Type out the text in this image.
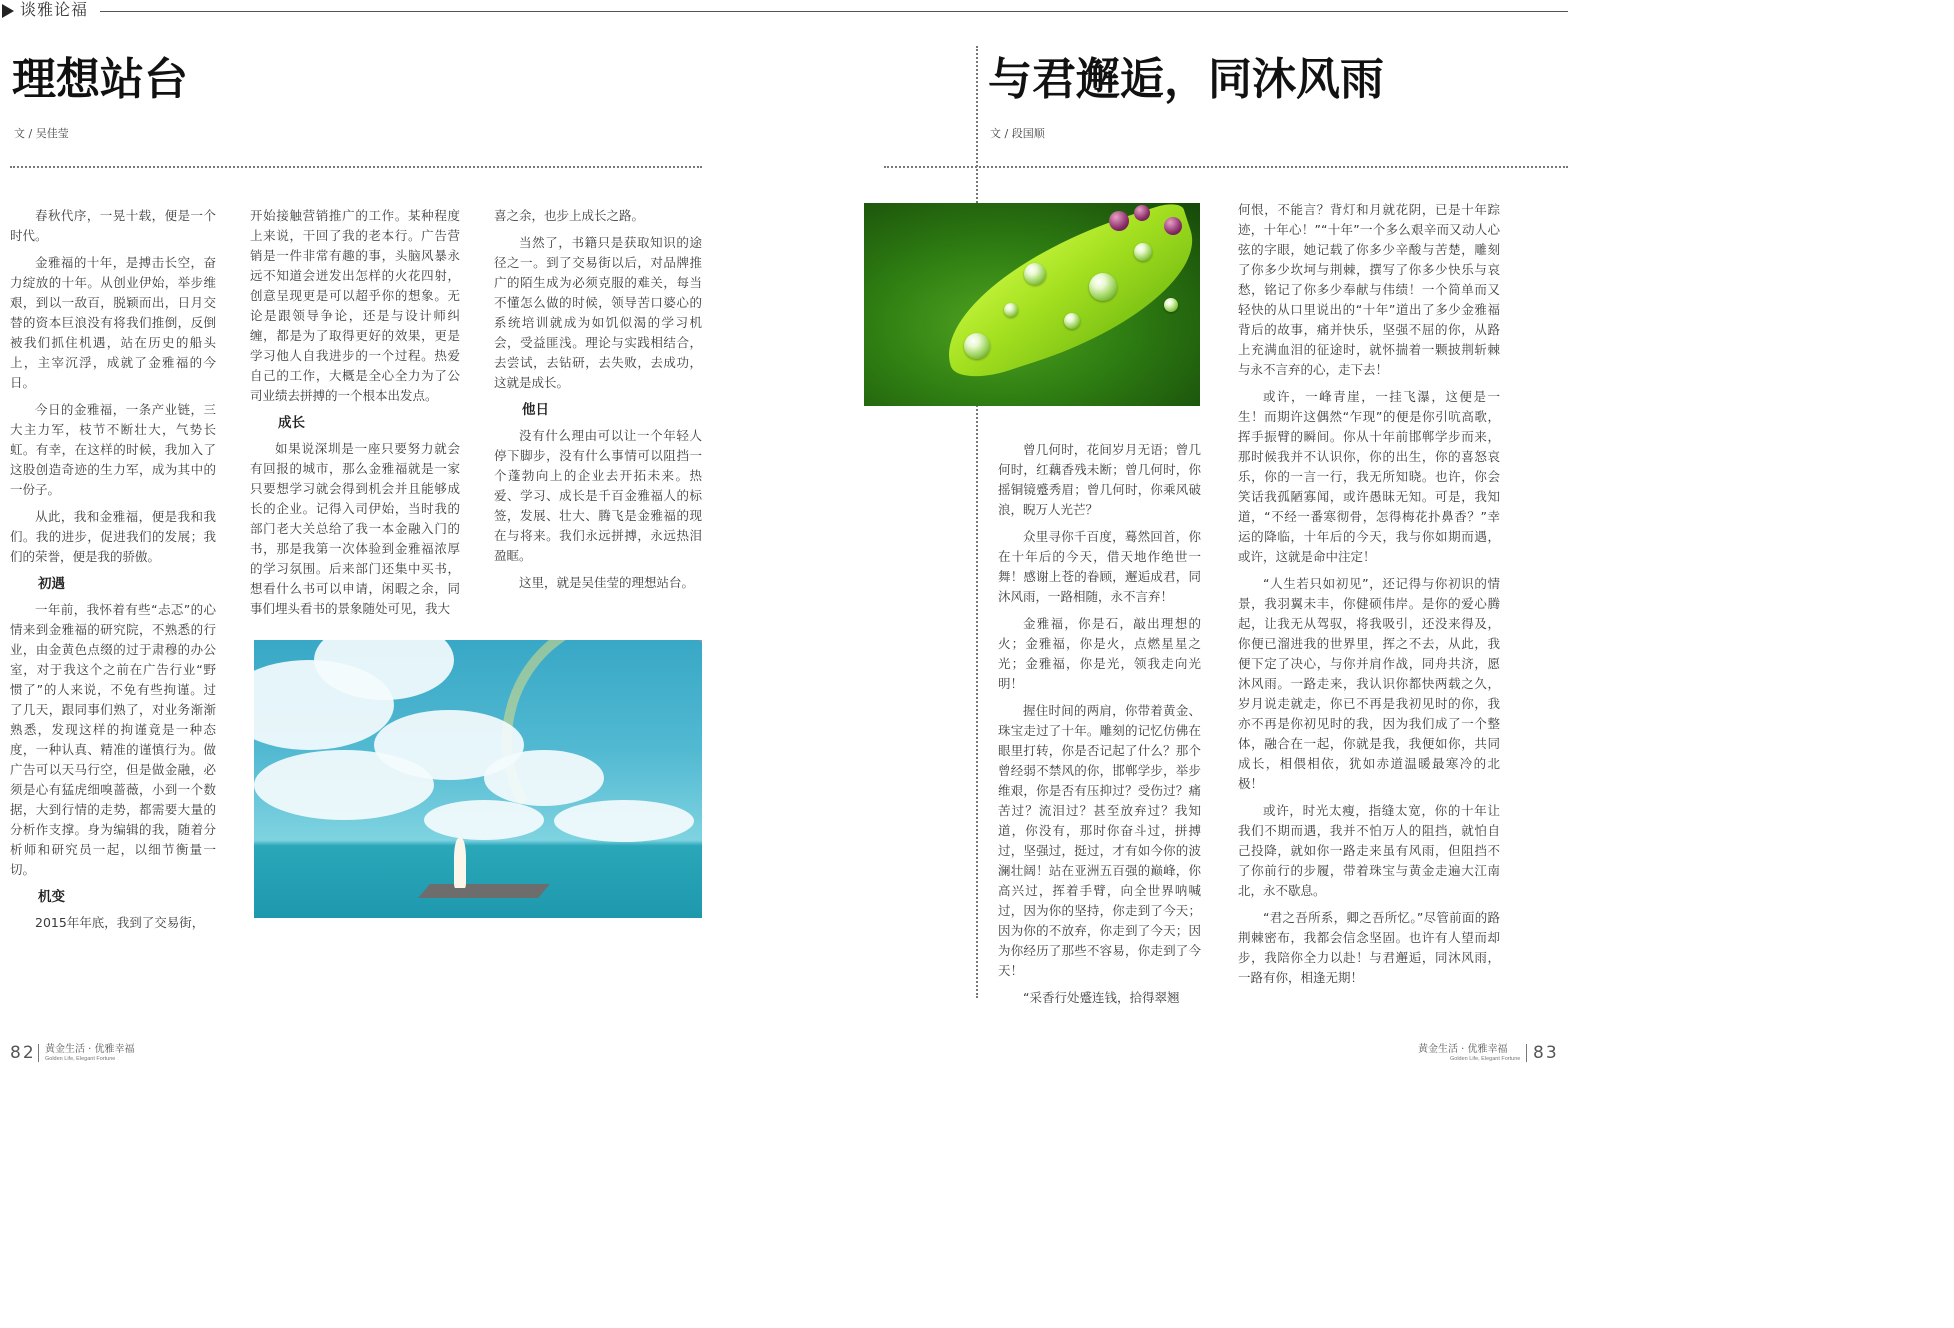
谈雅论福
理想站台
文 / 吴佳莹

春秋代序，一晃十载，便是一个时代。

金雅福的十年，是搏击长空，奋力绽放的十年。从创业伊始，举步维艰，到以一敌百，脱颖而出，日月交替的资本巨浪没有将我们推倒，反倒被我们抓住机遇，站在历史的船头上，主宰沉浮，成就了金雅福的今日。

今日的金雅福，一条产业链，三大主力军，枝节不断壮大，气势长虹。有幸，在这样的时候，我加入了这股创造奇迹的生力军，成为其中的一份子。

从此，我和金雅福，便是我和我们。我的进步，促进我们的发展；我们的荣誉，便是我的骄傲。

初遇

一年前，我怀着有些“忐忑”的心情来到金雅福的研究院，不熟悉的行业，由金黄色点缀的过于肃穆的办公室，对于我这个之前在广告行业“野惯了”的人来说，不免有些拘谨。过了几天，跟同事们熟了，对业务渐渐熟悉，发现这样的拘谨竟是一种态度，一种认真、精准的谨慎行为。做广告可以天马行空，但是做金融，必须是心有猛虎细嗅蔷薇，小到一个数据，大到行情的走势，都需要大量的分析作支撑。身为编辑的我，随着分析师和研究员一起，以细节衡量一切。

机变

2015年年底，我到了交易街，

开始接触营销推广的工作。某种程度上来说，干回了我的老本行。广告营销是一件非常有趣的事，头脑风暴永远不知道会迸发出怎样的火花四射，创意呈现更是可以超乎你的想象。无论是跟领导争论，还是与设计师纠缠，都是为了取得更好的效果，更是学习他人自我进步的一个过程。热爱自己的工作，大概是全心全力为了公司业绩去拼搏的一个根本出发点。

成长

如果说深圳是一座只要努力就会有回报的城市，那么金雅福就是一家只要想学习就会得到机会并且能够成长的企业。记得入司伊始，当时我的部门老大关总给了我一本金融入门的书，那是我第一次体验到金雅福浓厚的学习氛围。后来部门还集中买书，想看什么书可以申请，闲暇之余，同事们埋头看书的景象随处可见，我大

喜之余，也步上成长之路。

当然了，书籍只是获取知识的途径之一。到了交易街以后，对品牌推广的陌生成为必须克服的难关，每当不懂怎么做的时候，领导苦口婆心的系统培训就成为如饥似渴的学习机会，受益匪浅。理论与实践相结合，去尝试，去钻研，去失败，去成功，这就是成长。

他日

没有什么理由可以让一个年轻人停下脚步，没有什么事情可以阻挡一个蓬勃向上的企业去开拓未来。热爱、学习、成长是千百金雅福人的标签，发展、壮大、腾飞是金雅福的现在与将来。我们永远拼搏，永远热泪盈眶。

这里，就是吴佳莹的理想站台。

与君邂逅，同沐风雨
文 / 段国顺

曾几何时，花间岁月无语；曾几何时，红藕香残未断；曾几何时，你摇铜镜蹙秀眉；曾几何时，你乘风破浪，睨万人光芒？

众里寻你千百度，蓦然回首，你在十年后的今天，借天地作绝世一舞！感谢上苍的眷顾，邂逅成君，同沐风雨，一路相随，永不言弃！

金雅福，你是石，敲出理想的火；金雅福，你是火，点燃星星之光；金雅福，你是光，领我走向光明！

握住时间的两肩，你带着黄金、珠宝走过了十年。雕刻的记忆仿佛在眼里打转，你是否记起了什么？那个曾经弱不禁风的你，邯郸学步，举步维艰，你是否有压抑过？受伤过？痛苦过？流泪过？甚至放弃过？我知道，你没有，那时你奋斗过，拼搏过，坚强过，挺过，才有如今你的波澜壮阔！站在亚洲五百强的巅峰，你高兴过，挥着手臂，向全世界呐喊过，因为你的坚持，你走到了今天；因为你的不放弃，你走到了今天；因为你经历了那些不容易，你走到了今天！

“采香行处蹙连钱，拾得翠翘

何恨，不能言？背灯和月就花阴，已是十年踪迹，十年心！”“十年”一个多么艰辛而又动人心弦的字眼，她记载了你多少辛酸与苦楚，雕刻了你多少坎坷与荆棘，撰写了你多少快乐与哀愁，铭记了你多少奉献与伟绩！一个简单而又轻快的从口里说出的“十年”道出了多少金雅福背后的故事，痛并快乐，坚强不屈的你，从路上充满血泪的征途时，就怀揣着一颗披荆斩棘与永不言弃的心，走下去！

或许，一峰青崖，一挂飞瀑，这便是一生！而期许这偶然“乍现”的便是你引吭高歌，挥手振臂的瞬间。你从十年前邯郸学步而来，那时候我并不认识你，你的出生，你的喜怒哀乐，你的一言一行，我无所知晓。也许，你会笑话我孤陋寡闻，或许愚昧无知。可是，我知道，“不经一番寒彻骨，怎得梅花扑鼻香？”幸运的降临，十年后的今天，我与你如期而遇，或许，这就是命中注定！

“人生若只如初见”，还记得与你初识的情景，我羽翼未丰，你健硕伟岸。是你的爱心腾起，让我无从驾驭，将我吸引，还没来得及，你便已溜进我的世界里，挥之不去，从此，我便下定了决心，与你并肩作战，同舟共济，愿沐风雨。一路走来，我认识你都快两载之久，岁月说走就走，你已不再是我初见时的你，我亦不再是你初见时的我，因为我们成了一个整体，融合在一起，你就是我，我便如你，共同成长，相偎相依，犹如赤道温暖最寒冷的北极！

或许，时光太瘦，指缝太宽，你的十年让我们不期而遇，我并不怕万人的阻挡，就怕自己投降，就如你一路走来虽有风雨，但阻挡不了你前行的步履，带着珠宝与黄金走遍大江南北，永不歇息。

“君之吾所系，卿之吾所忆。”尽管前面的路荆棘密布，我都会信念坚固。也许有人望而却步，我陪你全力以赴！与君邂逅，同沐风雨，一路有你，相逢无期！

82 黄金生活 · 优雅幸福
Golden Life, Elegant Fortune
黄金生活 · 优雅幸福
Golden Life, Elegant Fortune 83
